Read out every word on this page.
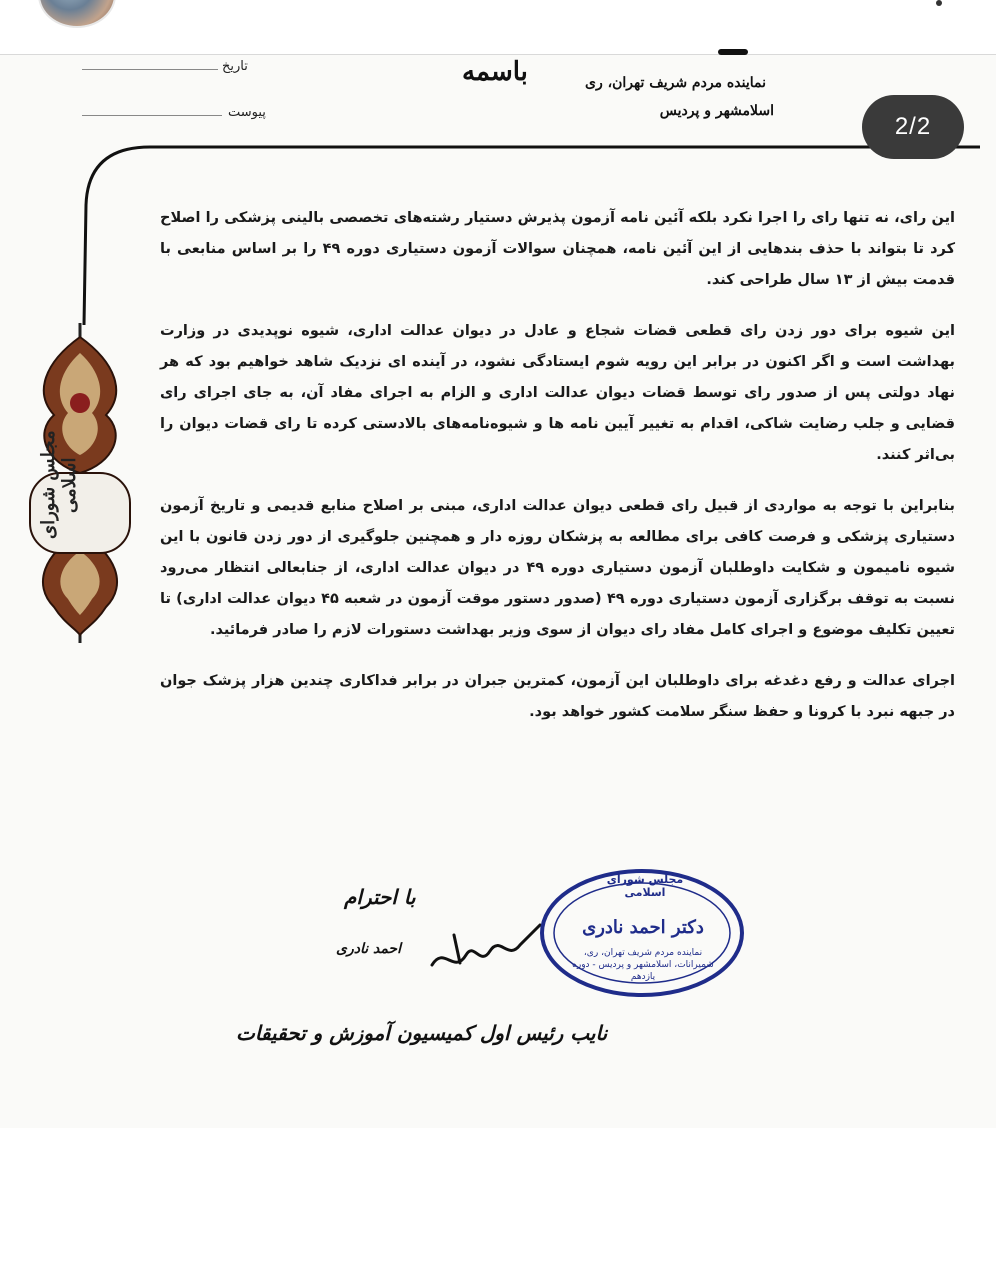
تاریخ
پیوست
باسمه	نماینده مردم شریف تهران، ری
اسلامشهر و پردیس
مجلس شورای اسلامی
2/2

این رای، نه تنها رای را اجرا نکرد بلکه آئین نامه آزمون پذیرش دستیار رشته‌های تخصصی بالینی پزشکی را اصلاح کرد تا بتواند با حذف بندهایی از این آئین نامه، همچنان سوالات آزمون دستیاری دوره ۴۹ را بر اساس منابعی با قدمت بیش از ۱۳ سال طراحی کند.

این شیوه برای دور زدن رای قطعی قضات شجاع و عادل در دیوان عدالت اداری، شیوه نوپدیدی در وزارت بهداشت است و اگر اکنون در برابر این رویه شوم ایستادگی نشود، در آینده ای نزدیک شاهد خواهیم بود که هر نهاد دولتی پس از صدور رای توسط قضات دیوان عدالت اداری و الزام به اجرای مفاد آن، به جای اجرای رای قضایی و جلب رضایت شاکی، اقدام به تغییر آیین نامه ها و شیوه‌نامه‌های بالادستی کرده تا رای قضات دیوان را بی‌اثر کنند.

بنابراین با توجه به مواردی از قبیل رای قطعی دیوان عدالت اداری، مبنی بر اصلاح منابع قدیمی و تاریخ آزمون دستیاری پزشکی و فرصت کافی برای مطالعه به پزشکان روزه دار و همچنین جلوگیری از دور زدن قانون با این شیوه نامیمون و شکایت داوطلبان آزمون دستیاری دوره ۴۹ در دیوان عدالت اداری، از جنابعالی انتظار می‌رود نسبت به توقف برگزاری آزمون دستیاری دوره ۴۹ (صدور دستور موقت آزمون در شعبه ۴۵ دیوان عدالت اداری) تا تعیین تکلیف موضوع و اجرای کامل مفاد رای دیوان از سوی وزیر بهداشت دستورات لازم را صادر فرمائید.

اجرای عدالت و رفع دغدغه برای داوطلبان این آزمون، کمترین جبران در برابر فداکاری چندین هزار پزشک جوان در جبهه نبرد با کرونا و حفظ سنگر سلامت کشور خواهد بود.

با احترام
احمد نادری
مجلس شورای اسلامی
دکتر احمد نادری
نماینده مردم شریف تهران، ری، شمیرانات، اسلامشهر و پردیس - دوره یازدهم
نایب رئیس اول کمیسیون آموزش و تحقیقات
